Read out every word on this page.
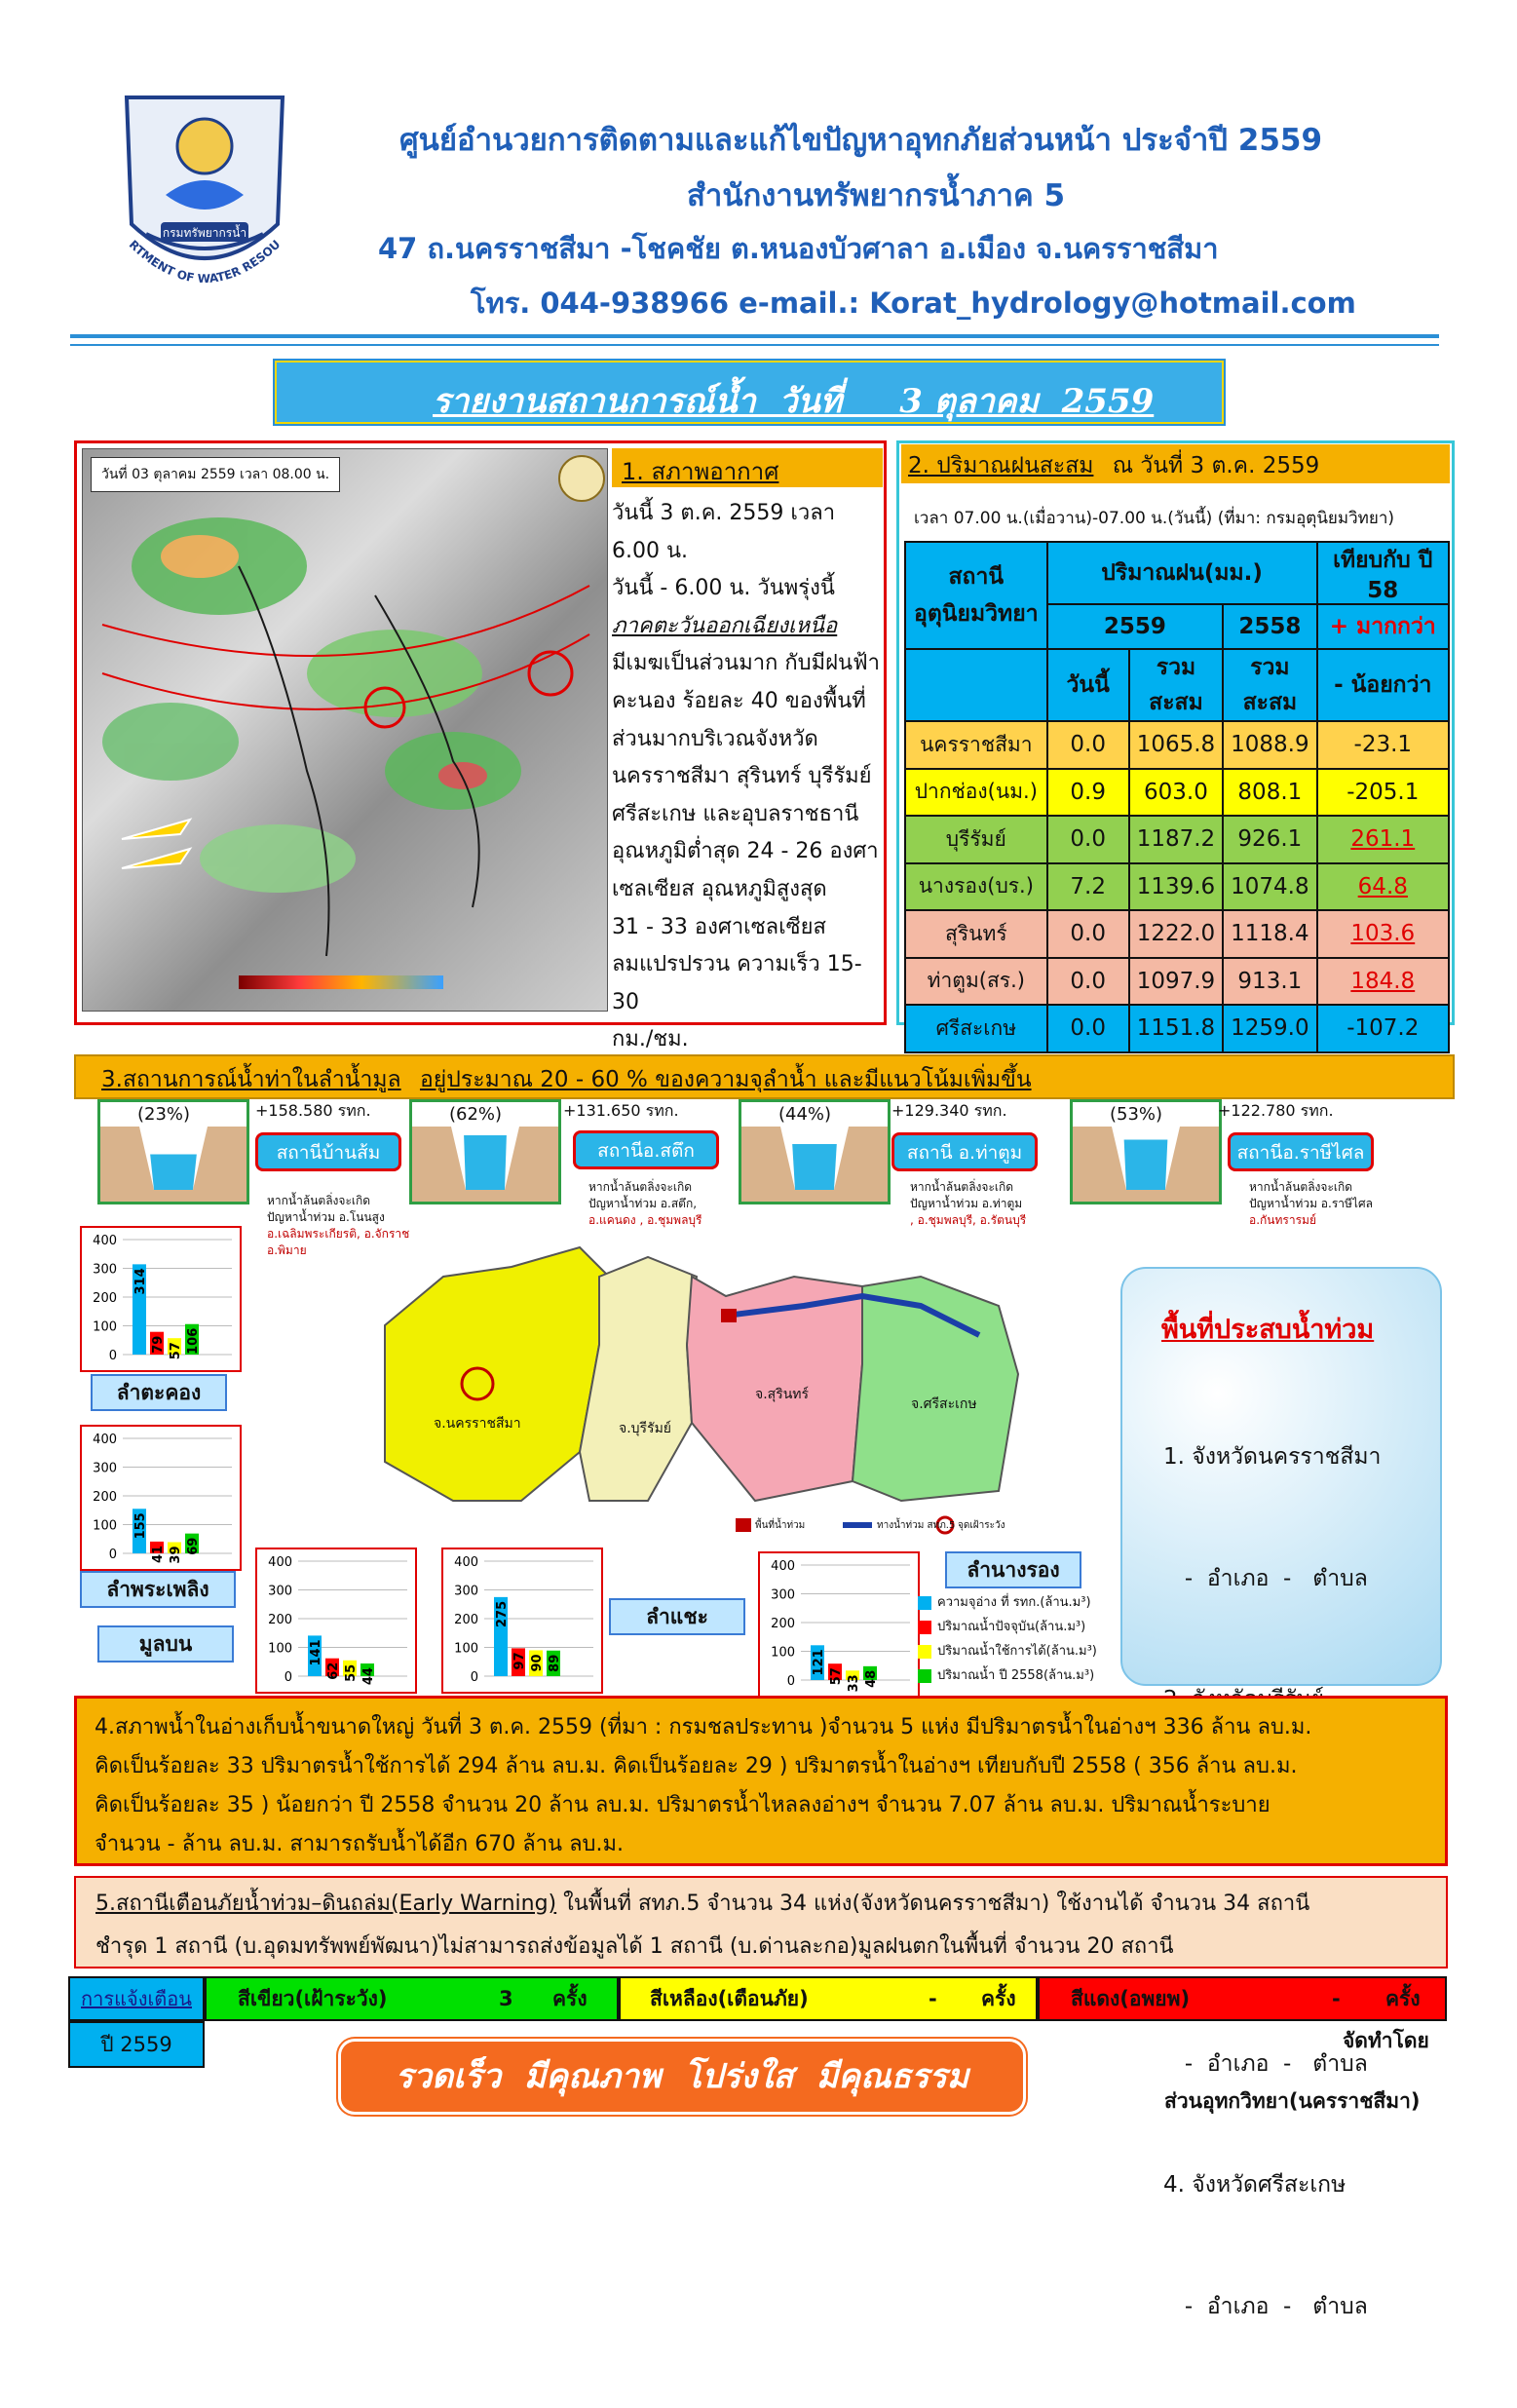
กรมทรัพยากรน้ำ
RTMENT OF WATER RESOU
ศูนย์อำนวยการติดตามและแก้ไขปัญหาอุทกภัยส่วนหน้า ประจำปี 2559
สำนักงานทรัพยากรน้ำภาค 5
47 ถ.นครราชสีมา -โชคชัย ต.หนองบัวศาลา อ.เมือง จ.นครราชสีมา
โทร. 044-938966 e-mail.: Korat_hydrology@hotmail.com
รายงานสถานการณ์น้ำ  วันที่     3 ตุลาคม  2559
วันที่ 03 ตุลาคม 2559 เวลา 08.00 น.	1. สภาพอากาศ
วันนี้ 3 ต.ค. 2559 เวลา 6.00 น.
วันนี้ - 6.00 น. วันพรุ่งนี้
ภาคตะวันออกเฉียงเหนือ
มีเมฆเป็นส่วนมาก กับมีฝนฟ้า
คะนอง ร้อยละ 40 ของพื้นที่
ส่วนมากบริเวณจังหวัด
นครราชสีมา สุรินทร์ บุรีรัมย์
ศรีสะเกษ และอุบลราชธานี
อุณหภูมิต่ำสุด 24 - 26 องศา
เซลเซียส อุณหภูมิสูงสุด
31 - 33 องศาเซลเซียส
ลมแปรปรวน ความเร็ว 15-30
กม./ชม.
2. ปริมาณฝนสะสม ณ วันที่ 3 ต.ค. 2559
เวลา 07.00 น.(เมื่อวาน)-07.00 น.(วันนี้) (ที่มา: กรมอุตุนิยมวิทยา)
สถานี อุตุนิยมวิทยา	ปริมาณฝน(มม.)			เทียบกับ ปี 58
	2559		2558	+ มากกว่า
	วันนี้	รวมสะสม	รวมสะสม	- น้อยกว่า
นครราชสีมา	0.0	1065.8	1088.9	-23.1
ปากช่อง(นม.)	0.9	603.0	808.1	-205.1
บุรีรัมย์	0.0	1187.2	926.1	261.1
นางรอง(บร.)	7.2	1139.6	1074.8	64.8
สุรินทร์	0.0	1222.0	1118.4	103.6
ท่าตูม(สร.)	0.0	1097.9	913.1	184.8
ศรีสะเกษ	0.0	1151.8	1259.0	-107.2
3.สถานการณ์น้ำท่าในลำน้ำมูล อยู่ประมาณ 20 - 60 % ของความจุลำน้ำ และมีแนวโน้มเพิ่มขึ้น
(23%)	+158.580 รทก.
สถานีบ้านส้ม
หากน้ำล้นตลิ่งจะเกิด
ปัญหาน้ำท่วม อ.โนนสูง
อ.เฉลิมพระเกียรติ, อ.จักราช
อ.พิมาย
(62%)	+131.650 รทก.
สถานีอ.สตึก
หากน้ำล้นตลิ่งจะเกิด
ปัญหาน้ำท่วม อ.สตึก,
อ.แคนดง , อ.ชุมพลบุรี
(44%)	+129.340 รทก.
สถานี อ.ท่าตูม
หากน้ำล้นตลิ่งจะเกิด
ปัญหาน้ำท่วม อ.ท่าตูม
, อ.ชุมพลบุรี, อ.รัตนบุรี
(53%)	+122.780 รทก.
สถานีอ.ราษีไศล
หากน้ำล้นตลิ่งจะเกิด
ปัญหาน้ำท่วม อ.ราษีไศล
อ.กันทรารมย์
จ.นครราชสีมา	จ.บุรีรัมย์
จ.สุรินทร์
จ.ศรีสะเกษ
พื้นที่น้ำท่วม	ทางน้ำท่วม สทภ.5 จุดเฝ้าระวัง
0
100
200
300
400
314
79 57 106
0
100
200
300
400
155
41 39 69
0
100
200
300
400
141
62 55 44	0
100
200
300
400
275
97 90 89
0
100
200
300
400
121
57 33 48
ลำตะคอง
ลำพระเพลิง
มูลบน
ลำแชะ
ลำนางรอง
ความจุอ่าง ที่ รทก.(ล้าน.ม³)
ปริมาณน้ำปัจจุบัน(ล้าน.ม³)
ปริมาณน้ำใช้การได้(ล้าน.ม³)
ปริมาณน้ำ ปี 2558(ล้าน.ม³)
พื้นที่ประสบน้ำท่วม

1. จังหวัดนครราชสีมา

-  อำเภอ  -   ตำบล

-  อำเภอ  -   ตำบล

4. จังหวัดศรีสะเกษ

-  อำเภอ  -   ตำบล

4.สภาพน้ำในอ่างเก็บน้ำขนาดใหญ่ วันที่ 3 ต.ค. 2559 (ที่มา : กรมชลประทาน )จำนวน 5 แห่ง มีปริมาตรน้ำในอ่างฯ 336 ล้าน ลบ.ม.
คิดเป็นร้อยละ 33 ปริมาตรน้ำใช้การได้ 294 ล้าน ลบ.ม. คิดเป็นร้อยละ 29 ) ปริมาตรน้ำในอ่างฯ เทียบกับปี 2558 ( 356 ล้าน ลบ.ม.
คิดเป็นร้อยละ 35 ) น้อยกว่า ปี 2558 จำนวน 20 ล้าน ลบ.ม. ปริมาตรน้ำไหลลงอ่างฯ จำนวน 7.07 ล้าน ลบ.ม. ปริมาณน้ำระบาย
จำนวน - ล้าน ลบ.ม. สามารถรับน้ำได้อีก 670 ล้าน ลบ.ม.
5.สถานีเตือนภัยน้ำท่วม–ดินถล่ม(Early Warning) ในพื้นที่ สทภ.5 จำนวน 34 แห่ง(จังหวัดนครราชสีมา) ใช้งานได้ จำนวน 34 สถานี
ชำรุด 1 สถานี (บ.อุดมทรัพพย์พัฒนา)ไม่สามารถส่งข้อมูลได้ 1 สถานี (บ.ด่านละกอ)มูลฝนตกในพื้นที่ จำนวน 20 สถานี
การแจ้งเตือน
ปี 2559
สีเขียว(เฝ้าระวัง)	3 ครั้ง	สีเหลือง(เตือนภัย)	- ครั้ง	สีแดง(อพยพ)	- ครั้ง
รวดเร็ว  มีคุณภาพ  โปร่งใส  มีคุณธรรม
จัดทำโดย
ส่วนอุทกวิทยา(นครราชสีมา)
